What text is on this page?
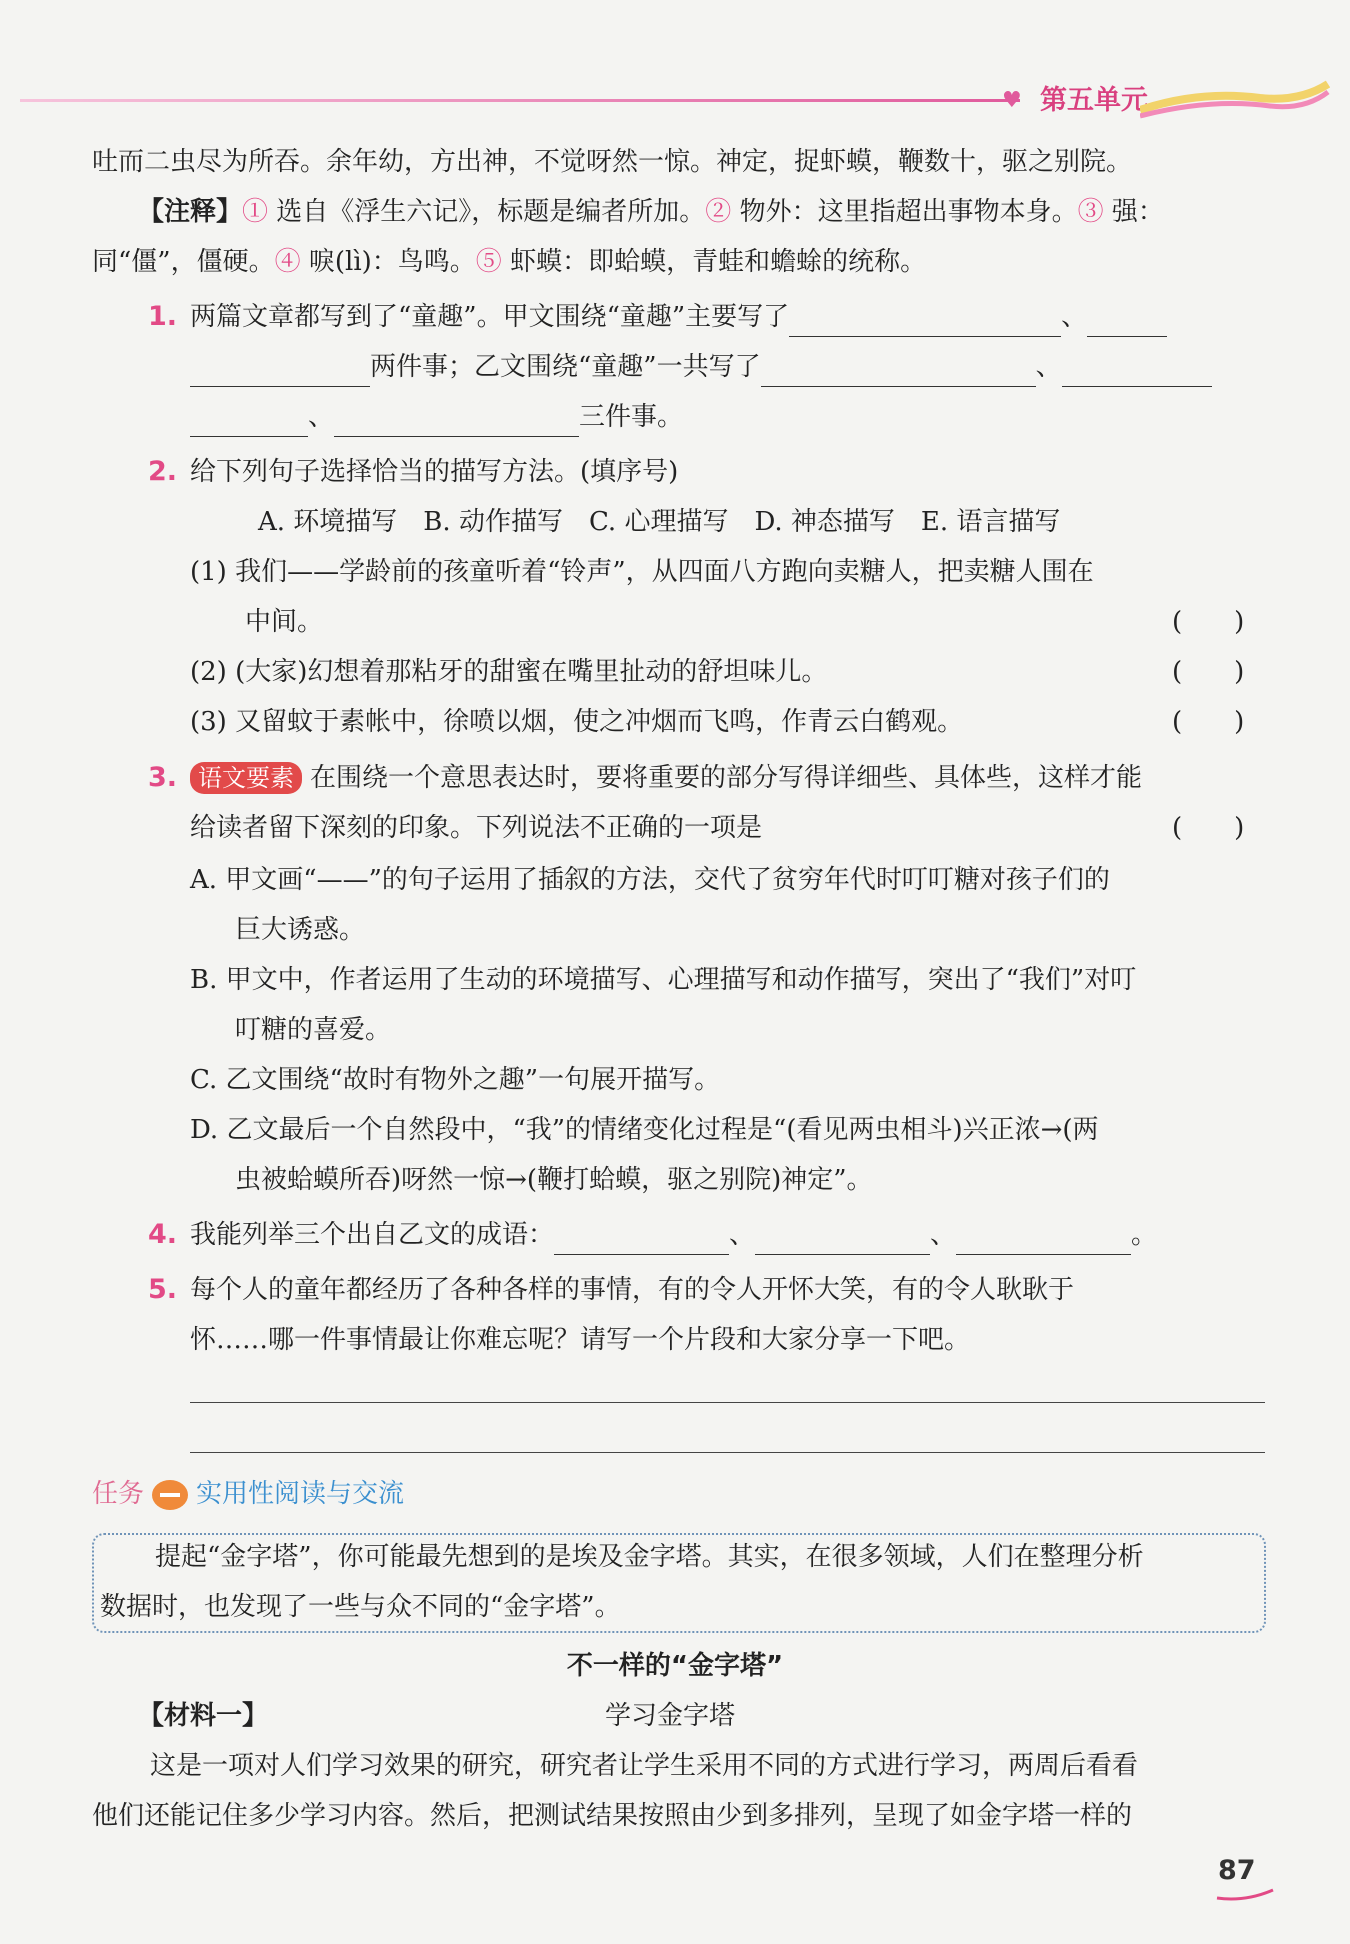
♥ 第五单元
吐而二虫尽为所吞。余年幼，方出神，不觉呀然一惊。神定，捉虾蟆，鞭数十，驱之别院。
【注释】① 选自《浮生六记》，标题是编者所加。② 物外：这里指超出事物本身。③ 强：
同“僵”，僵硬。④ 唳(lì)：鸟鸣。⑤ 虾蟆：即蛤蟆，青蛙和蟾蜍的统称。
1. 两篇文章都写到了“童趣”。甲文围绕“童趣”主要写了	、
两件事；乙文围绕“童趣”一共写了	、
、	三件事。
2. 给下列句子选择恰当的描写方法。(填序号)
A. 环境描写　B. 动作描写　C. 心理描写　D. 神态描写　E. 语言描写
(1) 我们——学龄前的孩童听着“铃声”，从四面八方跑向卖糖人，把卖糖人围在
中间。	(　　)
(2) (大家)幻想着那粘牙的甜蜜在嘴里扯动的舒坦味儿。	(　　)
(3) 又留蚊于素帐中，徐喷以烟，使之冲烟而飞鸣，作青云白鹤观。	(　　)
3. 语文要素 在围绕一个意思表达时，要将重要的部分写得详细些、具体些，这样才能
给读者留下深刻的印象。下列说法不正确的一项是	(　　)
A. 甲文画“——”的句子运用了插叙的方法，交代了贫穷年代时叮叮糖对孩子们的
巨大诱惑。
B. 甲文中，作者运用了生动的环境描写、心理描写和动作描写，突出了“我们”对叮
叮糖的喜爱。
C. 乙文围绕“故时有物外之趣”一句展开描写。
D. 乙文最后一个自然段中，“我”的情绪变化过程是“(看见两虫相斗)兴正浓→(两
虫被蛤蟆所吞)呀然一惊→(鞭打蛤蟆，驱之别院)神定”。
4. 我能列举三个出自乙文的成语：	、	、	。
5. 每个人的童年都经历了各种各样的事情，有的令人开怀大笑，有的令人耿耿于
怀……哪一件事情最让你难忘呢？请写一个片段和大家分享一下吧。
任务 实用性阅读与交流
提起“金字塔”，你可能最先想到的是埃及金字塔。其实，在很多领域，人们在整理分析
数据时，也发现了一些与众不同的“金字塔”。
不一样的“金字塔”
【材料一】	学习金字塔
这是一项对人们学习效果的研究，研究者让学生采用不同的方式进行学习，两周后看看
他们还能记住多少学习内容。然后，把测试结果按照由少到多排列，呈现了如金字塔一样的
87
